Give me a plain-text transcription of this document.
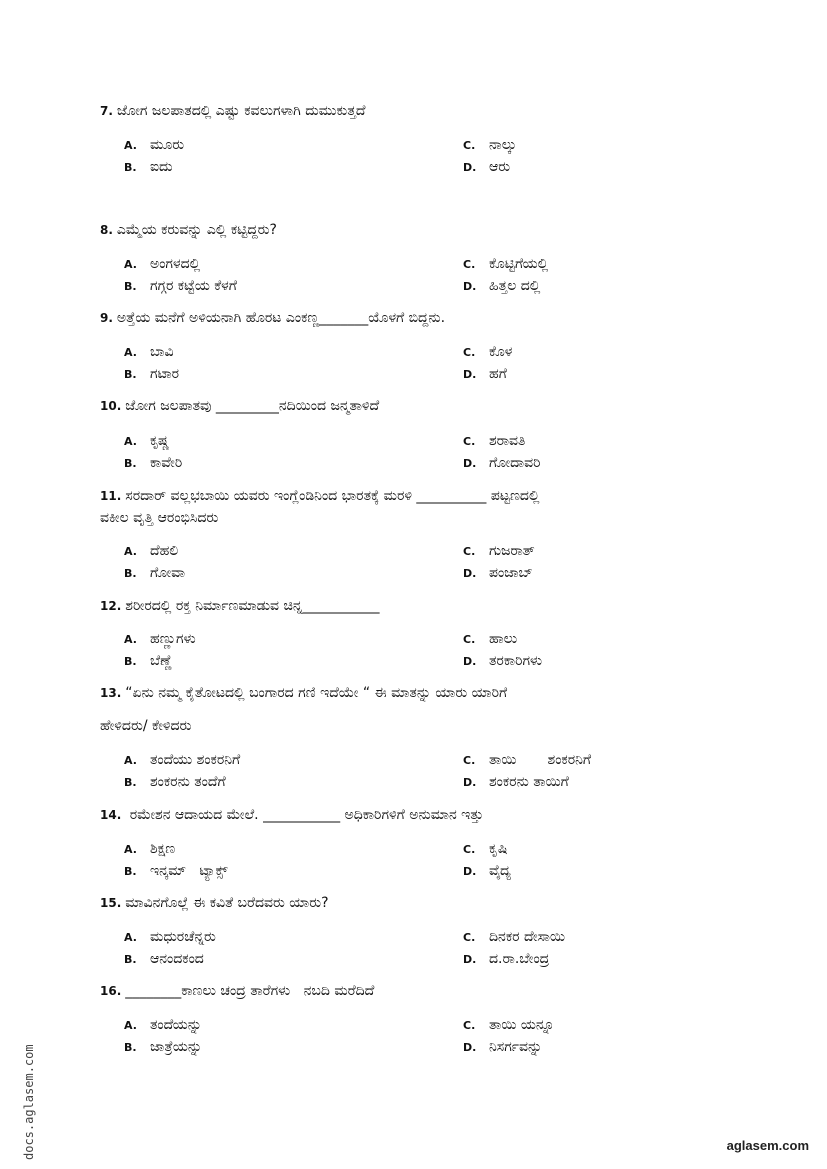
7. ಜೋಗ ಜಲಪಾತದಲ್ಲಿ ಎಷ್ಟು ಕವಲುಗಳಾಗಿ ದುಮುಕುತ್ತದೆ
A. ಮೂರು
B. ಐದು
C. ನಾಲ್ಕು
D. ಆರು
8. ಎಮ್ಮೆಯ ಕರುವನ್ನು ಎಲ್ಲಿ ಕಟ್ಟಿದ್ದರು?
A. ಅಂಗಳದಲ್ಲಿ
B. ಗಗ್ಗರ ಕಟ್ಟೆಯ ಕೆಳಗೆ
C. ಕೊಟ್ಟಿಗೆಯಲ್ಲಿ
D. ಹಿತ್ತಲ ದಲ್ಲಿ
9. ಅತ್ತೆಯ ಮನೆಗೆ ಅಳಿಯನಾಗಿ ಹೊರಟ ಎಂಕಣ್ಣ_______ಯೊಳಗೆ ಬಿದ್ದನು.
A. ಬಾವಿ
B. ಗಟಾರ
C. ಕೊಳ
D. ಹಗೆ
10. ಜೋಗ ಜಲಪಾತವು _________ನದಿಯಿಂದ ಜನ್ಮತಾಳಿದೆ
A. ಕೃಷ್ಣ
B. ಕಾವೇರಿ
C. ಶರಾವತಿ
D. ಗೋದಾವರಿ
11. ಸರದಾರ್ ವಲ್ಲಭಬಾಯಿ ಯವರು ಇಂಗ್ಲೆಂಡಿನಿಂದ ಭಾರತಕ್ಕೆ ಮರಳಿ __________ ಪಟ್ಟಣದಲ್ಲಿ
ವಕೀಲ ವೃತ್ತಿ ಆರಂಭಿಸಿದರು
A. ದೆಹಲಿ
B. ಗೋವಾ
C. ಗುಜರಾತ್
D. ಪಂಜಾಬ್
12. ಶರೀರದಲ್ಲಿ ರಕ್ತ ನಿರ್ಮಾಣಮಾಡುವ ಚಿನ್ನ___________
A. ಹಣ್ಣುಗಳು
B. ಬೆಣ್ಣೆ
C. ಹಾಲು
D. ತರಕಾರಿಗಳು
13. “ಏನು ನಮ್ಮ ಕೈತೋಟದಲ್ಲಿ ಬಂಗಾರದ ಗಣಿ ಇದೆಯೇ “ ಈ ಮಾತನ್ನು ಯಾರು ಯಾರಿಗೆ
ಹೇಳಿದರು/ ಕೇಳಿದರು
A. ತಂದೆಯು ಶಂಕರನಿಗೆ
B. ಶಂಕರನು ತಂದೆಗೆ
C. ತಾಯಿ       ಶಂಕರನಿಗೆ
D. ಶಂಕರನು ತಾಯಿಗೆ
14. ರಮೇಶನ ಆದಾಯದ ಮೇಲೆ. ___________ ಅಧಿಕಾರಿಗಳಿಗೆ ಅನುಮಾನ ಇತ್ತು
A. ಶಿಕ್ಷಣ
B. ಇನ್ಕಮ್   ಟ್ಯಾಕ್ಸ್
C. ಕೃಷಿ
D. ವೈದ್ಯ
15. ಮಾವಿನಗೊಲ್ಲೆ ಈ ಕವಿತೆ ಬರೆದವರು ಯಾರು?
A. ಮಧುರಚೆನ್ನರು
B. ಆನಂದಕಂದ
C. ದಿನಕರ ದೇಸಾಯಿ
D. ದ.ರಾ.ಬೇಂದ್ರ
16. ________ಕಾಣಲು ಚಂದ್ರ ತಾರೆಗಳು   ನಬದಿ ಮರೆದಿದೆ
A. ತಂದೆಯನ್ನು
B. ಜಾತ್ರೆಯನ್ನು
C. ತಾಯಿ ಯನ್ನೂ
D. ನಿಸರ್ಗವನ್ನು
docs.aglasem.com	aglasem.com
